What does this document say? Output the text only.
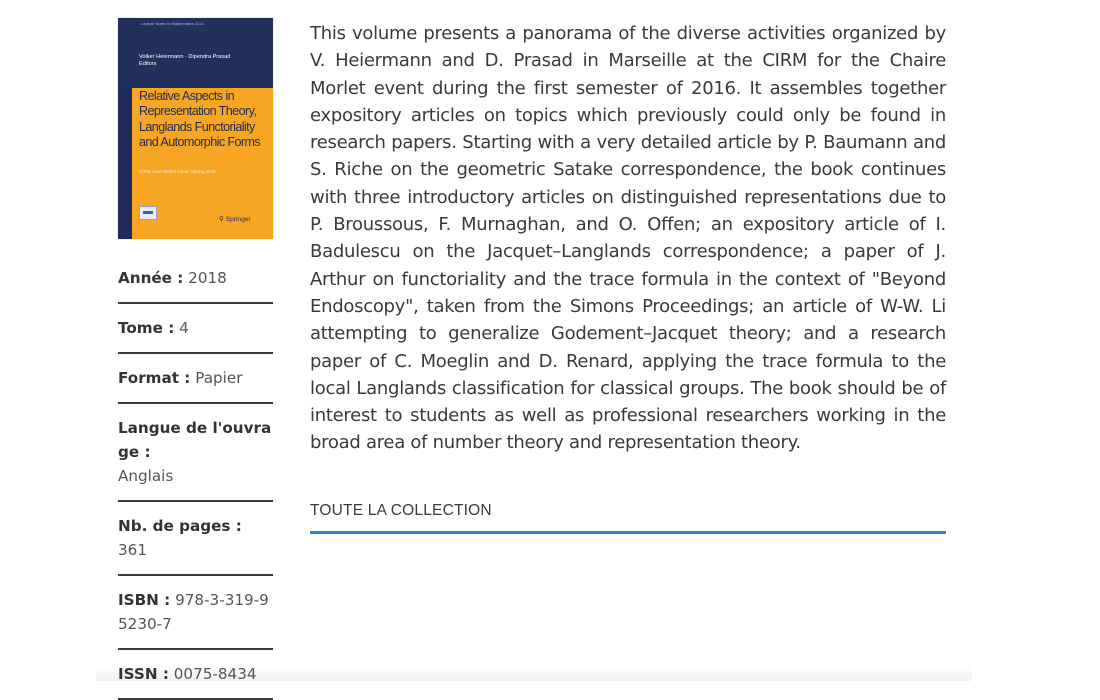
Lecture Notes in Mathematics 2221
Volker Heiermann · Dipendra Prasad
Editors
Relative Aspects in Representation Theory, Langlands Functoriality and Automorphic Forms
CIRM Jean-Morlet Chair, Spring 2016
⚲ Springer
Année : 2018
Tome : 4
Format : Papier
Langue de l'ouvrage :
Anglais
Nb. de pages : 361
ISBN : 978-3-319-95230-7
ISSN : 0075-8434

This volume presents a panorama of the diverse activities organized by V. Heiermann and D. Prasad in Marseille at the CIRM for the Chaire Morlet event during the first semester of 2016. It assembles together expository articles on topics which previously could only be found in research papers. Starting with a very detailed article by P. Baumann and S. Riche on the geometric Satake correspondence, the book continues with three introductory articles on distinguished representations due to P. Broussous, F. Murnaghan, and O. Offen; an expository article of I. Badulescu on the Jacquet–Langlands correspondence; a paper of J. Arthur on functoriality and the trace formula in the context of "Beyond Endoscopy", taken from the Simons Proceedings; an article of W-W. Li attempting to generalize Godement–Jacquet theory; and a research paper of C. Moeglin and D. Renard, applying the trace formula to the local Langlands classification for classical groups. The book should be of interest to students as well as professional researchers working in the broad area of number theory and representation theory.

TOUTE LA COLLECTION
